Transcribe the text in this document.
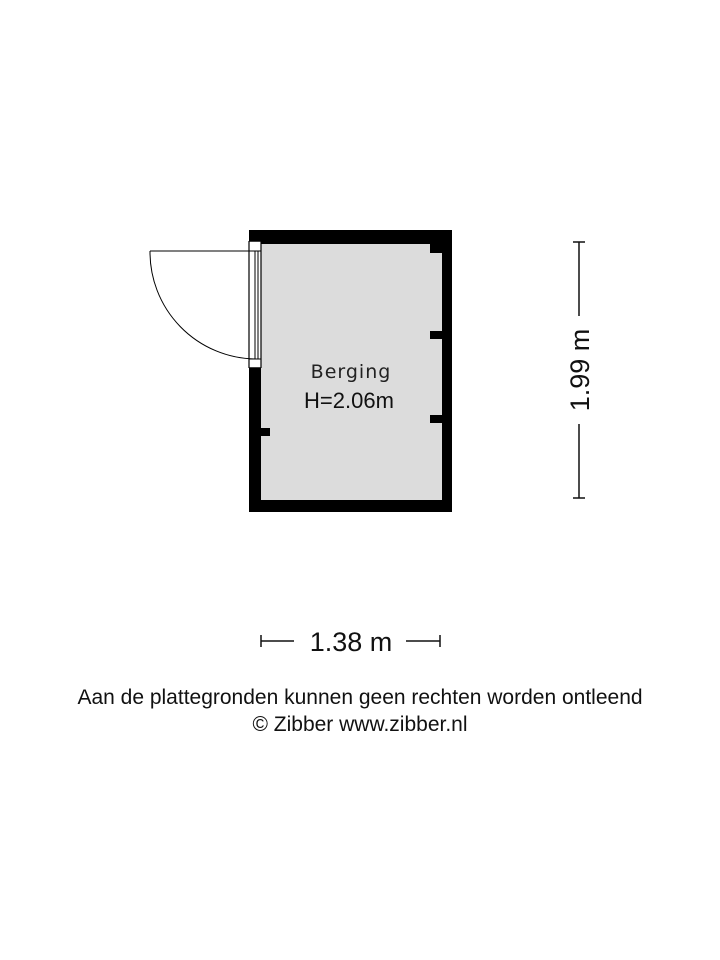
Berging
H=2.06m	1.99 m
1.38 m
Aan de plattegronden kunnen geen rechten worden ontleend
© Zibber www.zibber.nl
